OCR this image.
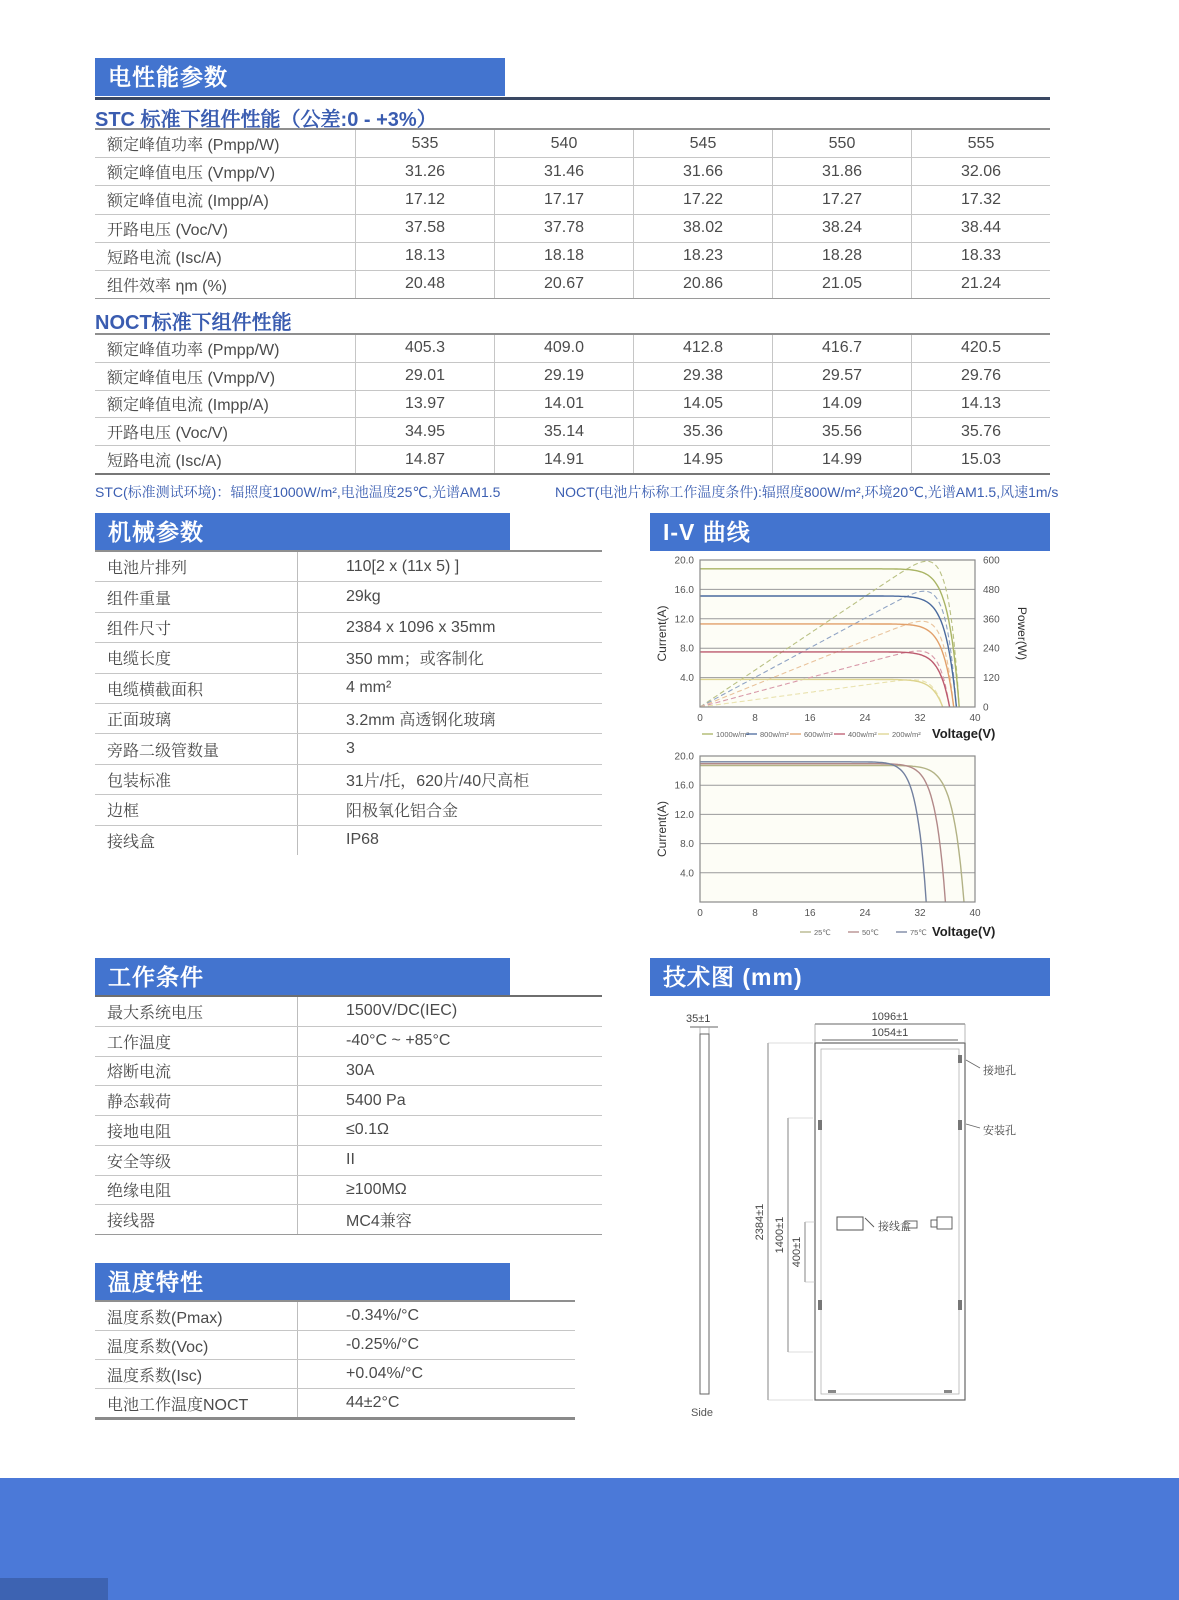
电性能参数
STC 标准下组件性能（公差:0 - +3%）
额定峰值功率 (Pmpp/W)	535	540	545	550	555
额定峰值电压 (Vmpp/V)	31.26	31.46	31.66	31.86	32.06
额定峰值电流 (Impp/A)	17.12	17.17	17.22	17.27	17.32
开路电压 (Voc/V)	37.58	37.78	38.02	38.24	38.44
短路电流 (Isc/A)	18.13	18.18	18.23	18.28	18.33
组件效率 ηm (%)	20.48	20.67	20.86	21.05	21.24
NOCT标准下组件性能
额定峰值功率 (Pmpp/W)	405.3	409.0	412.8	416.7	420.5
额定峰值电压 (Vmpp/V)	29.01	29.19	29.38	29.57	29.76
额定峰值电流 (Impp/A)	13.97	14.01	14.05	14.09	14.13
开路电压 (Voc/V)	34.95	35.14	35.36	35.56	35.76
短路电流 (Isc/A)	14.87	14.91	14.95	14.99	15.03
STC(标准测试环境)：辐照度1000W/m²,电池温度25℃,光谱AM1.5	NOCT(电池片标称工作温度条件):辐照度800W/m²,环境20℃,光谱AM1.5,风速1m/s
机械参数
电池片排列	110[2 x (11x 5) ]
组件重量	29kg
组件尺寸	2384 x 1096 x 35mm
电缆长度	350 mm；或客制化
电缆横截面积	4 mm²
正面玻璃	3.2mm 高透钢化玻璃
旁路二级管数量	3
包装标准	31片/托，620片/40尺高柜
边框	阳极氧化铝合金
接线盒	IP68
I-V 曲线
4.0
8.0
12.0
16.0
20.0
0	8	16	24	32	40
0
120
240
360
480
600
Current(A)	Power(W)
1000w/m² 800w/m² 600w/m² 400w/m² 200w/m² Voltage(V)
4.0
8.0
12.0
16.0
20.0
0	8	16	24	32	40
Current(A)
25℃	50℃	75℃ Voltage(V)
工作条件
最大系统电压	1500V/DC(IEC)
工作温度	-40°C ~ +85°C
熔断电流	30A
静态载荷	5400 Pa
接地电阻	≤0.1Ω
安全等级	II
绝缘电阻	≥100MΩ
接线器	MC4兼容
技术图 (mm)
35±1
Side
1096±1
1054±1
2384±1 1400±1 400±1
接线盒
接地孔
安装孔
温度特性
温度系数(Pmax)	-0.34%/°C
温度系数(Voc)	-0.25%/°C
温度系数(Isc)	+0.04%/°C
电池工作温度NOCT	44±2°C
